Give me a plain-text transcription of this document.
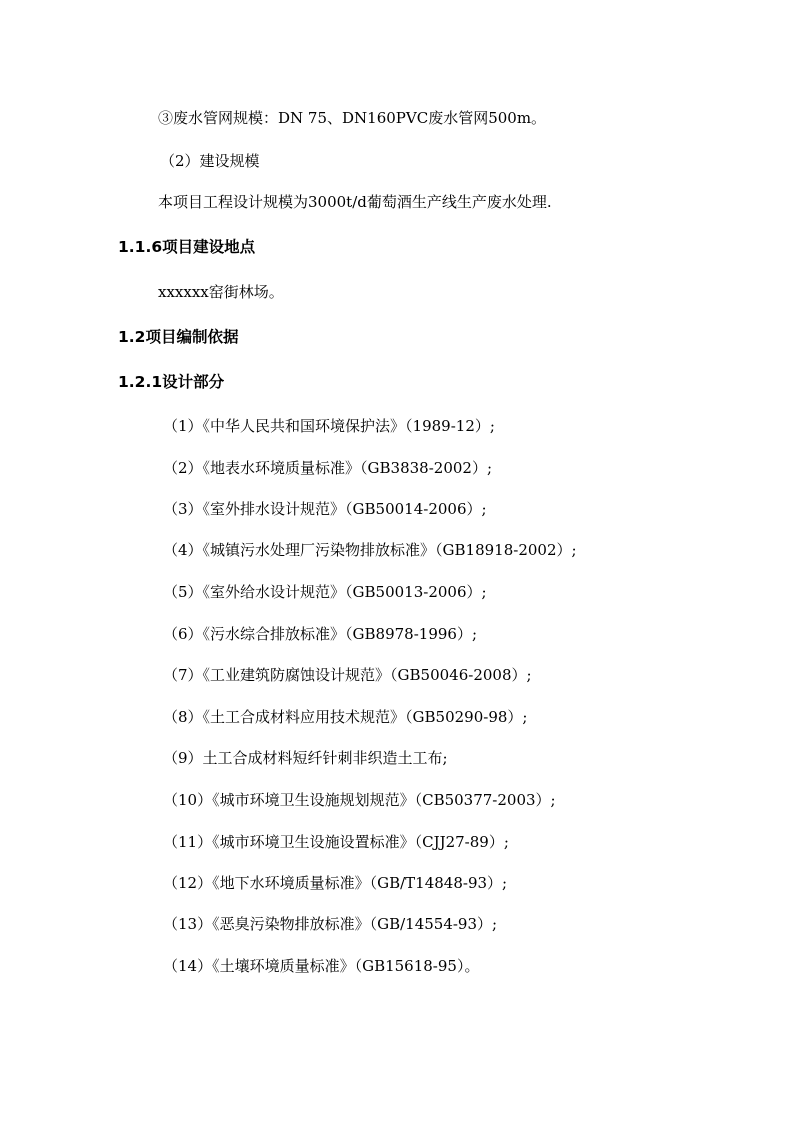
③废水管网规模：DN 75、DN160PVC废水管网500m。
（2）建设规模
本项目工程设计规模为3000t/d葡萄酒生产线生产废水处理.
1.1.6项目建设地点
xxxxxx窑街林场。
1.2项目编制依据
1.2.1设计部分
（1）《中华人民共和国环境保护法》（1989-12）;
（2）《地表水环境质量标准》（GB3838-2002）;
（3）《室外排水设计规范》（GB50014-2006）;
（4）《城镇污水处理厂污染物排放标准》（GB18918-2002）;
（5）《室外给水设计规范》（GB50013-2006）;
（6）《污水综合排放标准》（GB8978-1996）;
（7）《工业建筑防腐蚀设计规范》（GB50046-2008）;
（8）《土工合成材料应用技术规范》（GB50290-98）;
（9）土工合成材料短纤针刺非织造土工布;
（10）《城市环境卫生设施规划规范》（CB50377-2003）;
（11）《城市环境卫生设施设置标准》（CJJ27-89）;
（12）《地下水环境质量标准》（GB/T14848-93）;
（13）《恶臭污染物排放标准》（GB/14554-93）;
（14）《土壤环境质量标准》（GB15618-95）。
